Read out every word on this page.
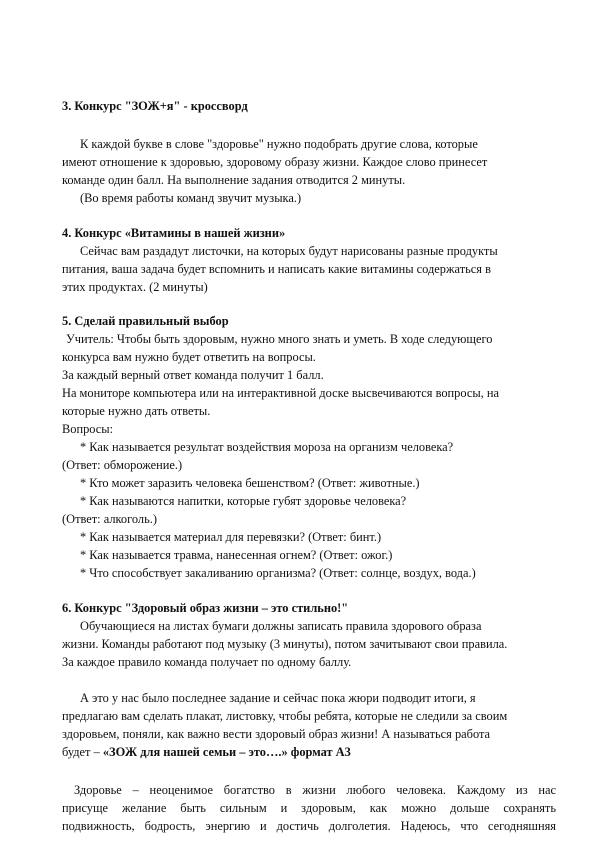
3. Конкурс "ЗОЖ+я" - кроссворд
К каждой букве в слове "здоровье" нужно подобрать другие слова, которые
имеют отношение к здоровью, здоровому образу жизни. Каждое слово принесет
команде один балл. На выполнение задания отводится 2 минуты.
(Во время работы команд звучит музыка.)
4. Конкурс «Витамины в нашей жизни»
Сейчас вам раздадут листочки, на которых будут нарисованы разные продукты
питания, ваша задача будет вспомнить и написать какие витамины содержаться в
этих продуктах. (2 минуты)
5. Сделай правильный выбор
Учитель: Чтобы быть здоровым, нужно много знать и уметь. В ходе следующего
конкурса вам нужно будет ответить на вопросы.
За каждый верный ответ команда получит 1 балл.
На мониторе компьютера или на интерактивной доске высвечиваются вопросы, на
которые нужно дать ответы.
Вопросы:
* Как называется результат воздействия мороза на организм человека?
(Ответ: обморожение.)
* Кто может заразить человека бешенством? (Ответ: животные.)
* Как называются напитки, которые губят здоровье человека?
(Ответ: алкоголь.)
* Как называется материал для перевязки? (Ответ: бинт.)
* Как называется травма, нанесенная огнем? (Ответ: ожог.)
* Что способствует закаливанию организма? (Ответ: солнце, воздух, вода.)
6. Конкурс "Здоровый образ жизни – это стильно!"
Обучающиеся на листах бумаги должны записать правила здорового образа
жизни. Команды работают под музыку (3 минуты), потом зачитывают свои правила.
За каждое правило команда получает по одному баллу.
А это у нас было последнее задание и сейчас пока жюри подводит итоги, я
предлагаю вам сделать плакат, листовку, чтобы ребята, которые не следили за своим
здоровьем, поняли, как важно вести здоровый образ жизни! А называться работа
будет – «ЗОЖ для нашей семьи – это….» формат А3
Здоровье – неоценимое богатство в жизни любого человека. Каждому из нас
присуще желание быть сильным и здоровым, как можно дольше сохранять
подвижность, бодрость, энергию и достичь долголетия. Надеюсь, что сегодняшняя
